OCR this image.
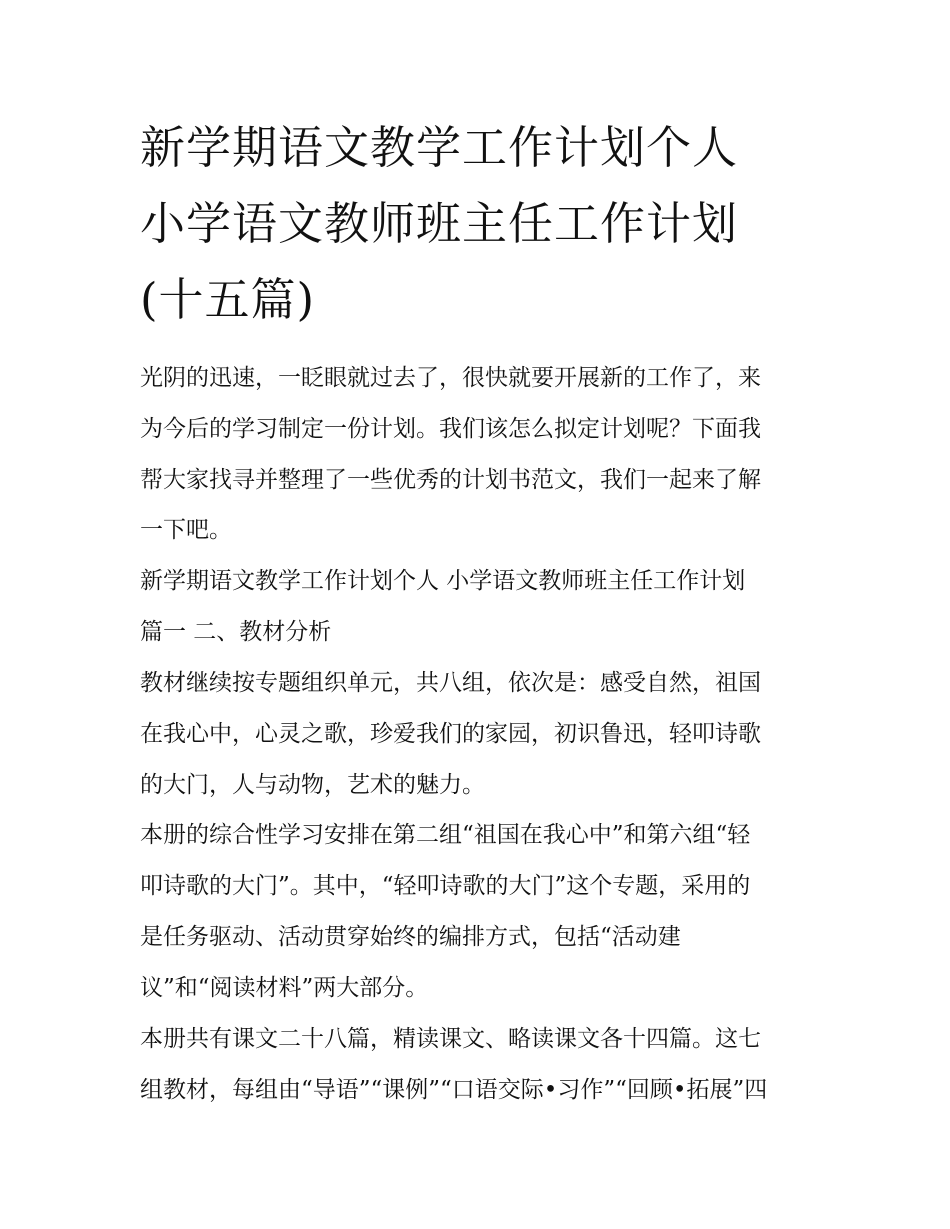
新学期语文教学工作计划个人
小学语文教师班主任工作计划
(十五篇)

光阴的迅速，一眨眼就过去了，很快就要开展新的工作了，来

为今后的学习制定一份计划。我们该怎么拟定计划呢？下面我

帮大家找寻并整理了一些优秀的计划书范文，我们一起来了解

一下吧。

新学期语文教学工作计划个人 小学语文教师班主任工作计划

篇一 二、教材分析

教材继续按专题组织单元，共八组，依次是：感受自然，祖国

在我心中，心灵之歌，珍爱我们的家园，初识鲁迅，轻叩诗歌

的大门，人与动物，艺术的魅力。

本册的综合性学习安排在第二组“祖国在我心中”和第六组“轻

叩诗歌的大门”。其中，“轻叩诗歌的大门”这个专题，采用的

是任务驱动、活动贯穿始终的编排方式，包括“活动建

议”和“阅读材料”两大部分。

本册共有课文二十八篇，精读课文、略读课文各十四篇。这七

组教材，每组由“导语”“课例”“口语交际•习作”“回顾•拓展”四
